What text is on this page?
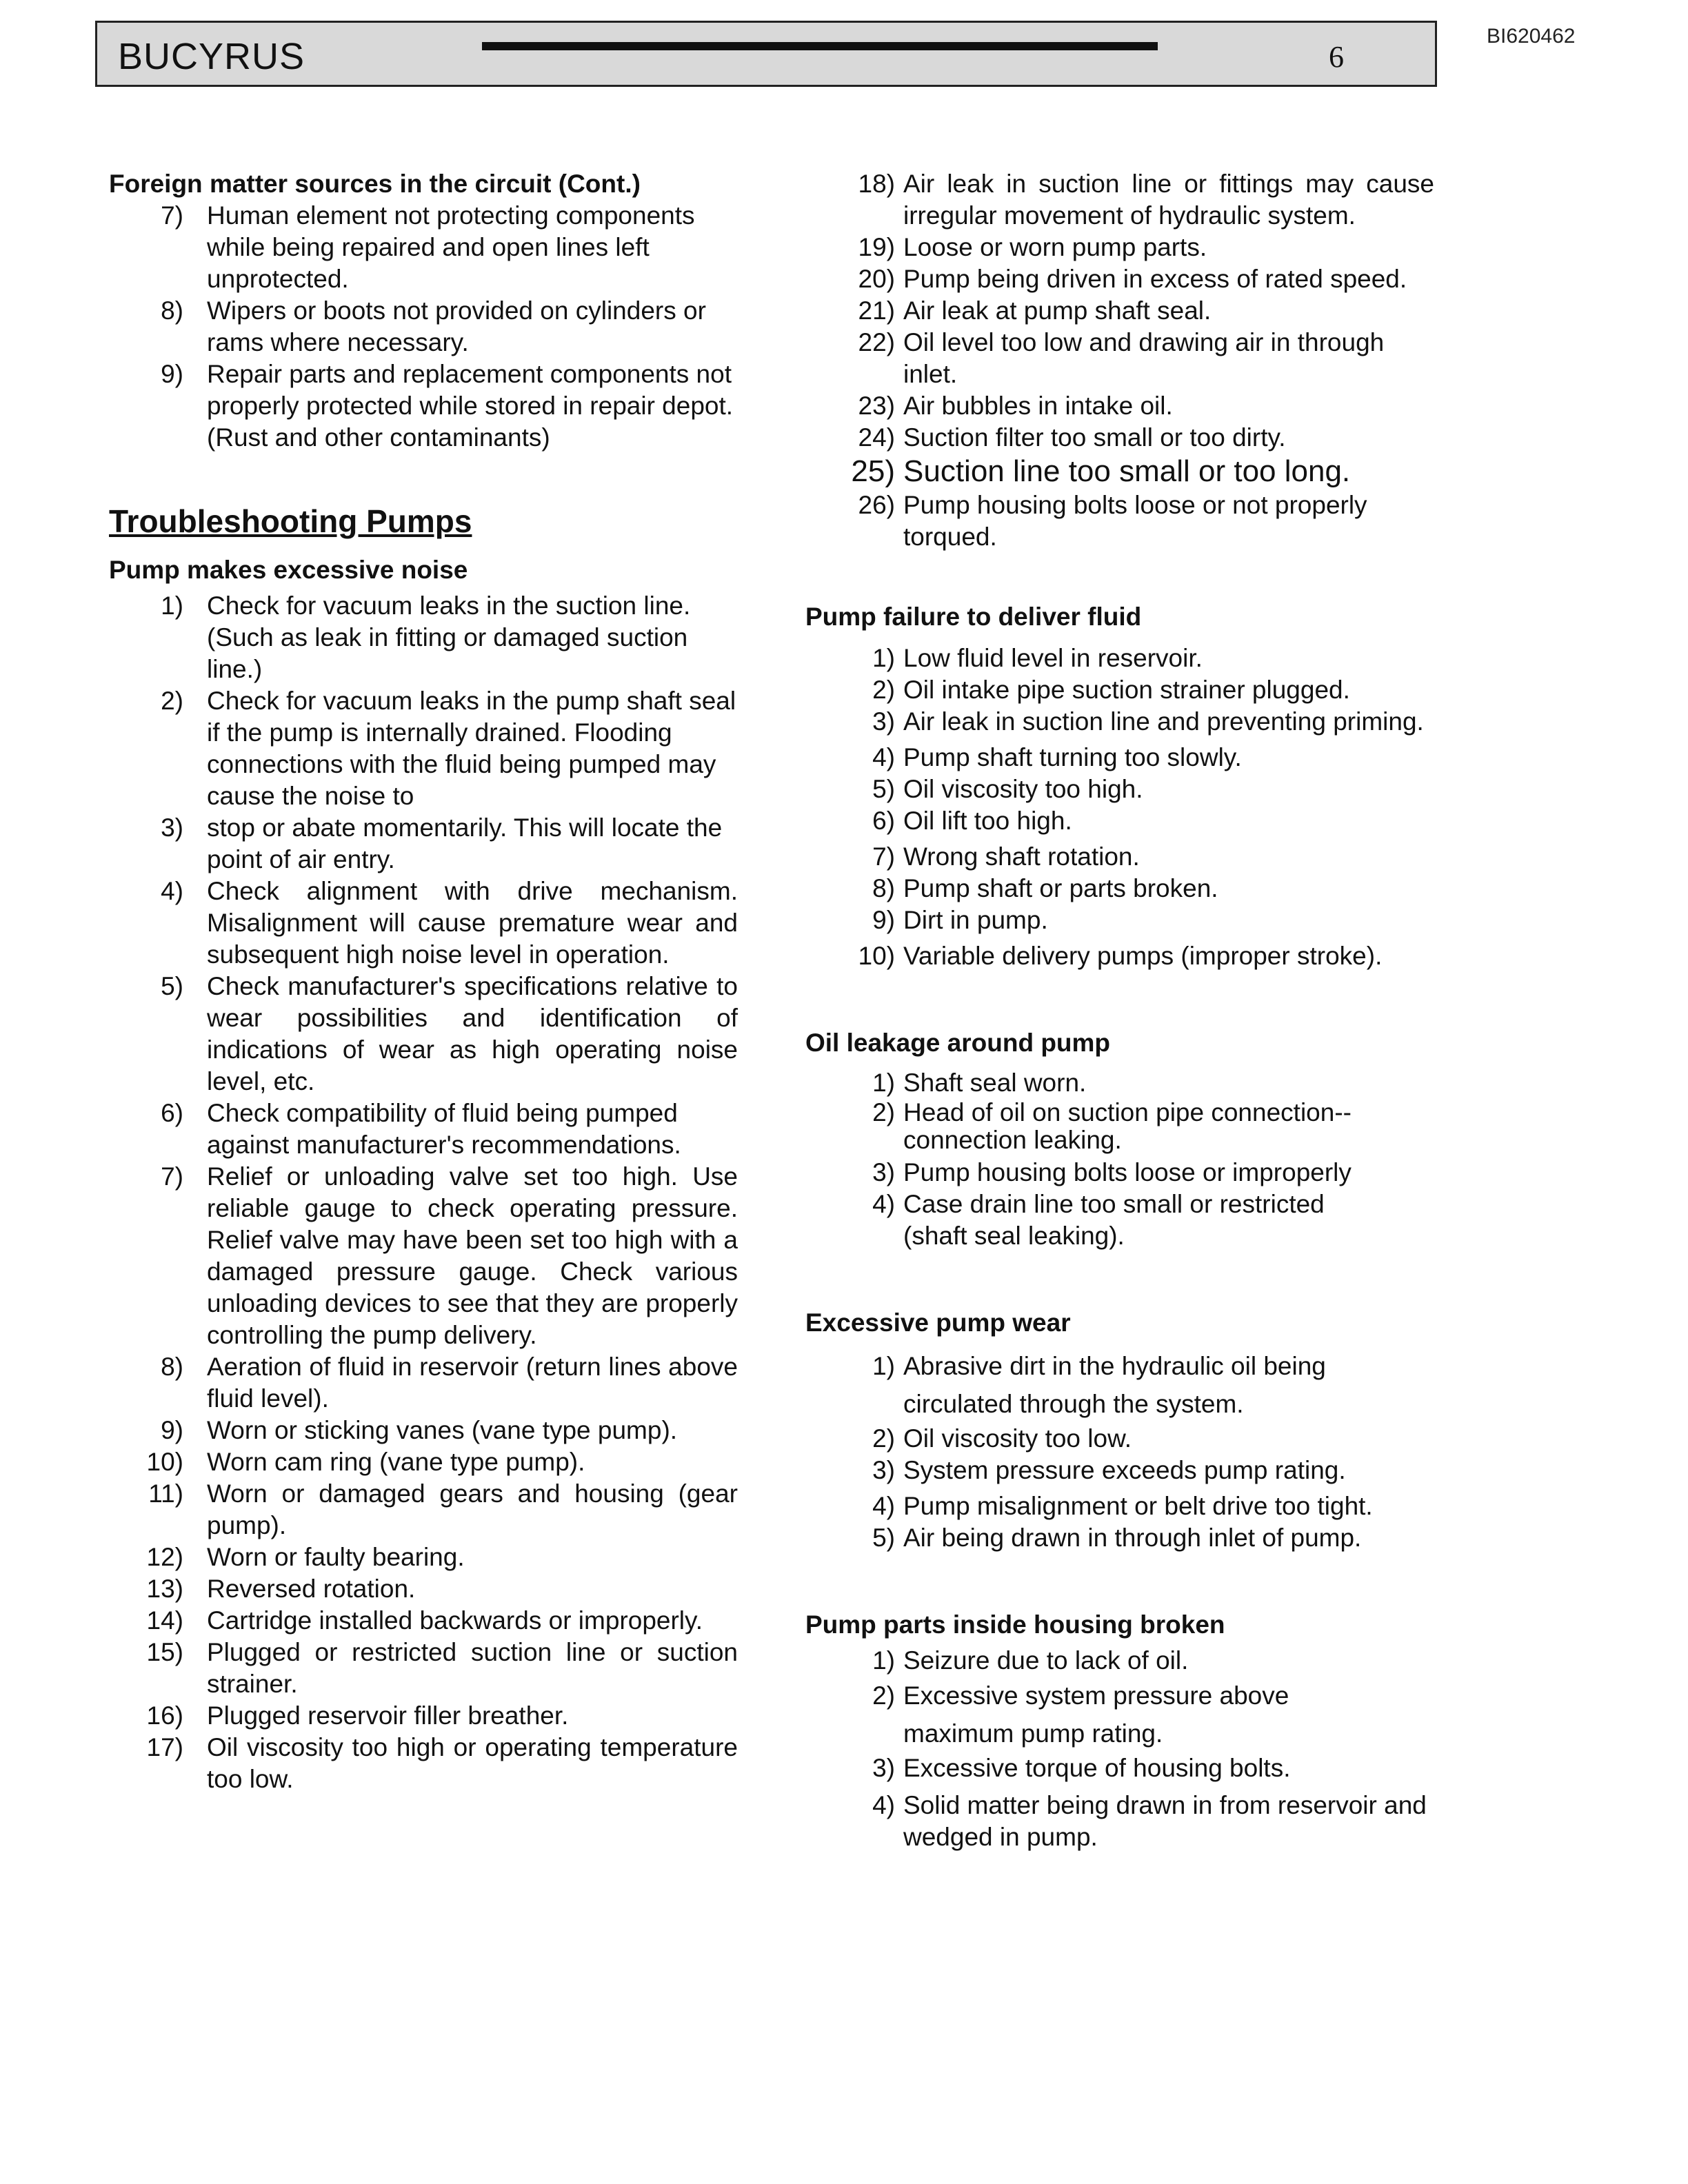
BUCYRUS	6
BI620462

Foreign matter sources in the circuit (Cont.)

7) Human element not protecting components while being repaired and open lines left unprotected.
8) Wipers or boots not provided on cylinders or rams where necessary.
9) Repair parts and replacement components not properly protected while stored in repair depot. (Rust and other contaminants)

Troubleshooting Pumps

Pump makes excessive noise

1) Check for vacuum leaks in the suction line. (Such as leak in fitting or damaged suction line.)
2) Check for vacuum leaks in the pump shaft seal if the pump is internally drained. Flooding connections with the fluid being pumped may cause the noise to
3) stop or abate momentarily. This will locate the point of air entry.
4) Check alignment with drive mechanism. Misalignment will cause premature wear and subsequent high noise level in operation.
5) Check manufacturer's specifications relative to wear possibilities and identification of indications of wear as high operating noise level, etc.
6) Check compatibility of fluid being pumped against manufacturer's recommendations.
7) Relief or unloading valve set too high. Use reliable gauge to check operating pressure. Relief valve may have been set too high with a damaged pressure gauge. Check various unloading devices to see that they are properly controlling the pump delivery.
8) Aeration of fluid in reservoir (return lines above fluid level).
9) Worn or sticking vanes (vane type pump).
10) Worn cam ring (vane type pump).
11) Worn or damaged gears and housing (gear pump).
12) Worn or faulty bearing.
13) Reversed rotation.
14) Cartridge installed backwards or improperly.
15) Plugged or restricted suction line or suction strainer.
16) Plugged reservoir filler breather.
17) Oil viscosity too high or operating temperature too low.
18) Air leak in suction line or fittings may cause irregular movement of hydraulic system.
19) Loose or worn pump parts.
20) Pump being driven in excess of rated speed.
21) Air leak at pump shaft seal.
22) Oil level too low and drawing air in through inlet.
23) Air bubbles in intake oil.
24) Suction filter too small or too dirty.
25) Suction line too small or too long.
26) Pump housing bolts loose or not properly torqued.

Pump failure to deliver fluid

1) Low fluid level in reservoir.
2) Oil intake pipe suction strainer plugged.
3) Air leak in suction line and preventing priming.
4) Pump shaft turning too slowly.
5) Oil viscosity too high.
6) Oil lift too high.
7) Wrong shaft rotation.
8) Pump shaft or parts broken.
9) Dirt in pump.
10) Variable delivery pumps (improper stroke).

Oil leakage around pump

1) Shaft seal worn.
2) Head of oil on suction pipe connection--connection leaking.
3) Pump housing bolts loose or improperly
4) Case drain line too small or restricted (shaft seal leaking).

Excessive pump wear

1) Abrasive dirt in the hydraulic oil being circulated through the system.
2) Oil viscosity too low.
3) System pressure exceeds pump rating.
4) Pump misalignment or belt drive too tight.
5) Air being drawn in through inlet of pump.

Pump parts inside housing broken

1) Seizure due to lack of oil.
2) Excessive system pressure above maximum pump rating.
3) Excessive torque of housing bolts.
4) Solid matter being drawn in from reservoir and wedged in pump.
